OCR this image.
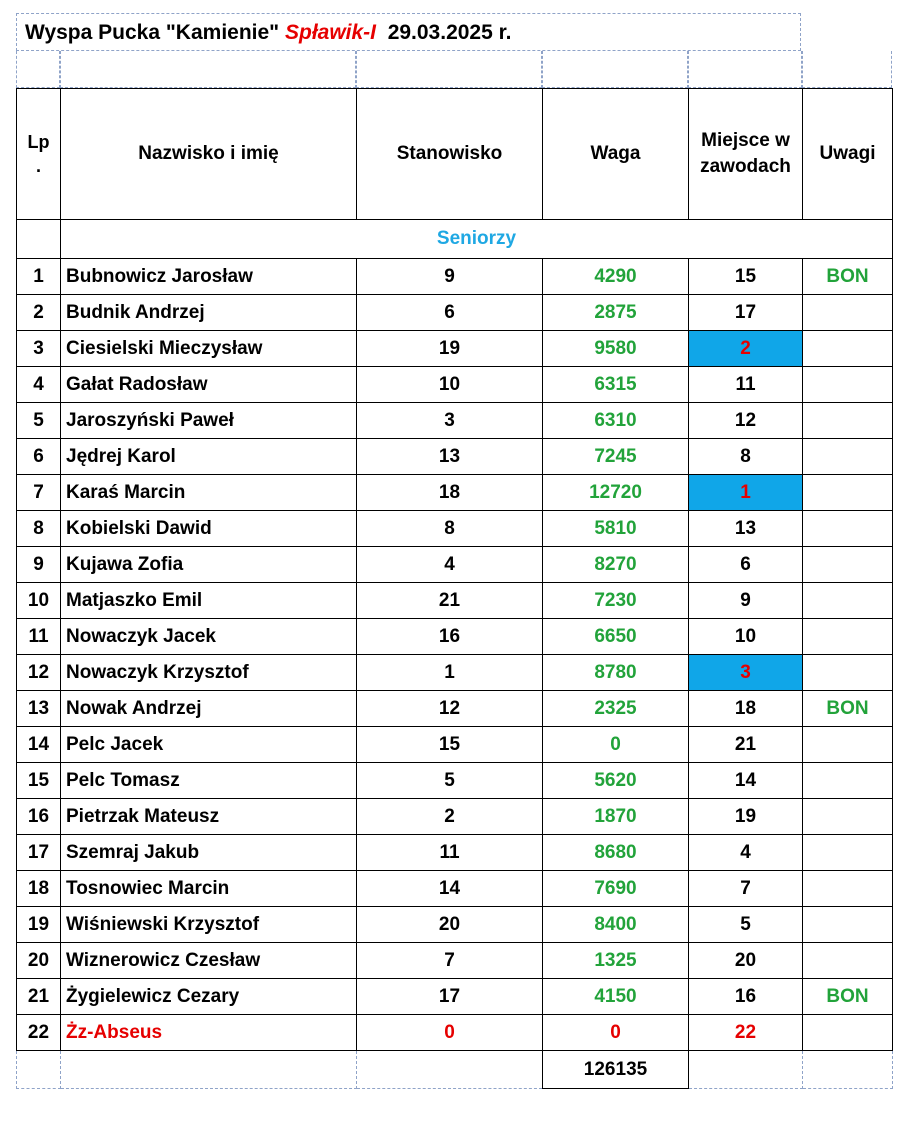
Wyspa Pucka "Kamienie" Spławik-I 29.03.2025 r.
Lp .	Nazwisko i imię	Stanowisko	Waga	Miejsce w zawodach	Uwagi
	Seniorzy				
1	Bubnowicz Jarosław	9	4290	15	BON
2	Budnik Andrzej	6	2875	17	
3	Ciesielski Mieczysław	19	9580	2	
4	Gałat Radosław	10	6315	11	
5	Jaroszyński Paweł	3	6310	12	
6	Jędrej Karol	13	7245	8	
7	Karaś Marcin	18	12720	1	
8	Kobielski Dawid	8	5810	13	
9	Kujawa Zofia	4	8270	6	
10	Matjaszko Emil	21	7230	9	
11	Nowaczyk Jacek	16	6650	10	
12	Nowaczyk Krzysztof	1	8780	3	
13	Nowak Andrzej	12	2325	18	BON
14	Pelc Jacek	15	0	21	
15	Pelc Tomasz	5	5620	14	
16	Pietrzak Mateusz	2	1870	19	
17	Szemraj Jakub	11	8680	4	
18	Tosnowiec Marcin	14	7690	7	
19	Wiśniewski Krzysztof	20	8400	5	
20	Wiznerowicz Czesław	7	1325	20	
21	Żygielewicz Cezary	17	4150	16	BON
22	Żz-Abseus	0	0	22	
			126135		
